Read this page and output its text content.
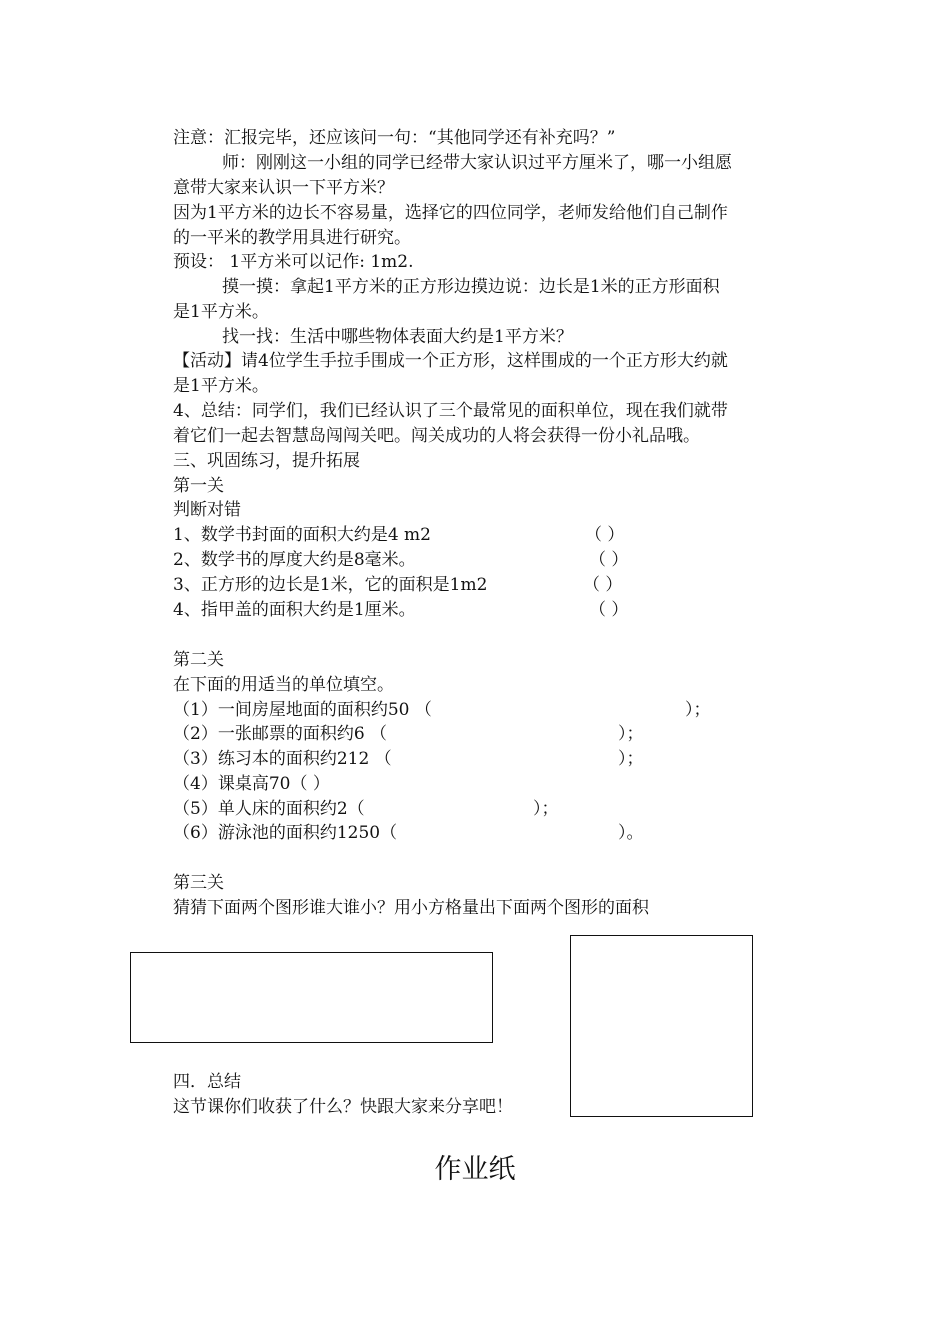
注意：汇报完毕，还应该问一句：“其他同学还有补充吗？”
师：刚刚这一小组的同学已经带大家认识过平方厘米了，哪一小组愿
意带大家来认识一下平方米？
因为1平方米的边长不容易量，选择它的四位同学，老师发给他们自己制作
的一平米的教学用具进行研究。
预设： 1平方米可以记作: 1m2.
摸一摸：拿起1平方米的正方形边摸边说：边长是1米的正方形面积
是1平方米。
找一找：生活中哪些物体表面大约是1平方米？
【活动】请4位学生手拉手围成一个正方形，这样围成的一个正方形大约就
是1平方米。
4、总结：同学们，我们已经认识了三个最常见的面积单位，现在我们就带
着它们一起去智慧岛闯闯关吧。闯关成功的人将会获得一份小礼品哦。
三、巩固练习，提升拓展
第一关
判断对错
1、数学书封面的面积大约是4 m2	（ ）
2、数学书的厚度大约是8毫米。	（ ）
3、正方形的边长是1米，它的面积是1m2	（ ）
4、指甲盖的面积大约是1厘米。	（ ）
第二关
在下面的用适当的单位填空。
（1）一间房屋地面的面积约50 （	）；
（2）一张邮票的面积约6 （	）；
（3）练习本的面积约212 （	）；
（4）课桌高70（ ）
（5）单人床的面积约2（	）；
（6）游泳池的面积约1250（	）。
第三关
猜猜下面两个图形谁大谁小？用小方格量出下面两个图形的面积
四．总结
这节课你们收获了什么？快跟大家来分享吧！
作业纸
